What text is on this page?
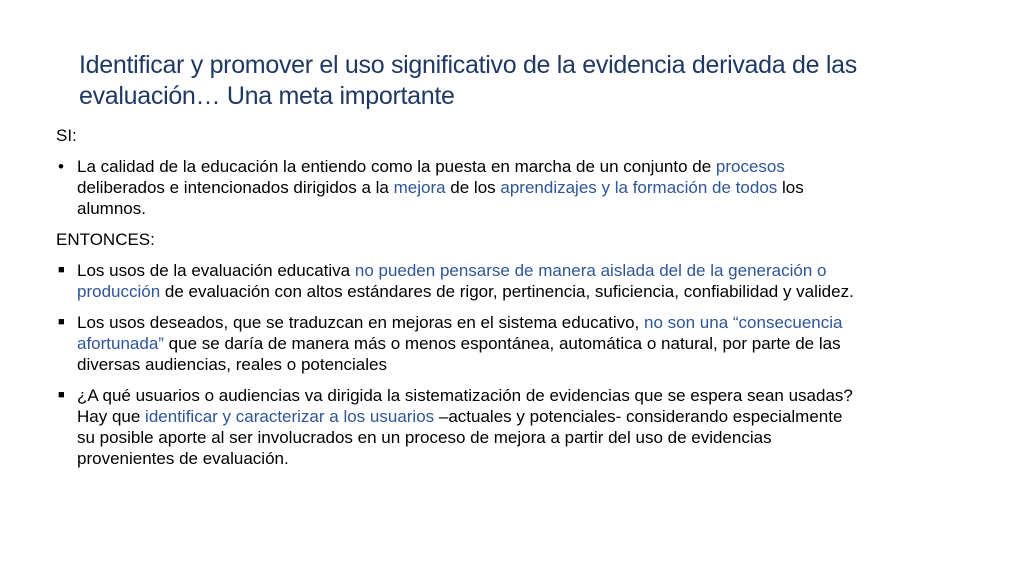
Identificar y promover el uso significativo de la evidencia derivada de las
evaluación… Una meta importante
SI:
• La calidad de la educación la entiendo como la puesta en marcha de un conjunto de procesos
deliberados e intencionados dirigidos a la mejora de los aprendizajes y la formación de todos los
alumnos.
ENTONCES:
■ Los usos de la evaluación educativa no pueden pensarse de manera aislada del de la generación o
producción de evaluación con altos estándares de rigor, pertinencia, suficiencia, confiabilidad y validez.
■ Los usos deseados, que se traduzcan en mejoras en el sistema educativo, no son una “consecuencia
afortunada” que se daría de manera más o menos espontánea, automática o natural, por parte de las
diversas audiencias, reales o potenciales
■ ¿A qué usuarios o audiencias va dirigida la sistematización de evidencias que se espera sean usadas?
Hay que identificar y caracterizar a los usuarios –actuales y potenciales- considerando especialmente
su posible aporte al ser involucrados en un proceso de mejora a partir del uso de evidencias
provenientes de evaluación.
